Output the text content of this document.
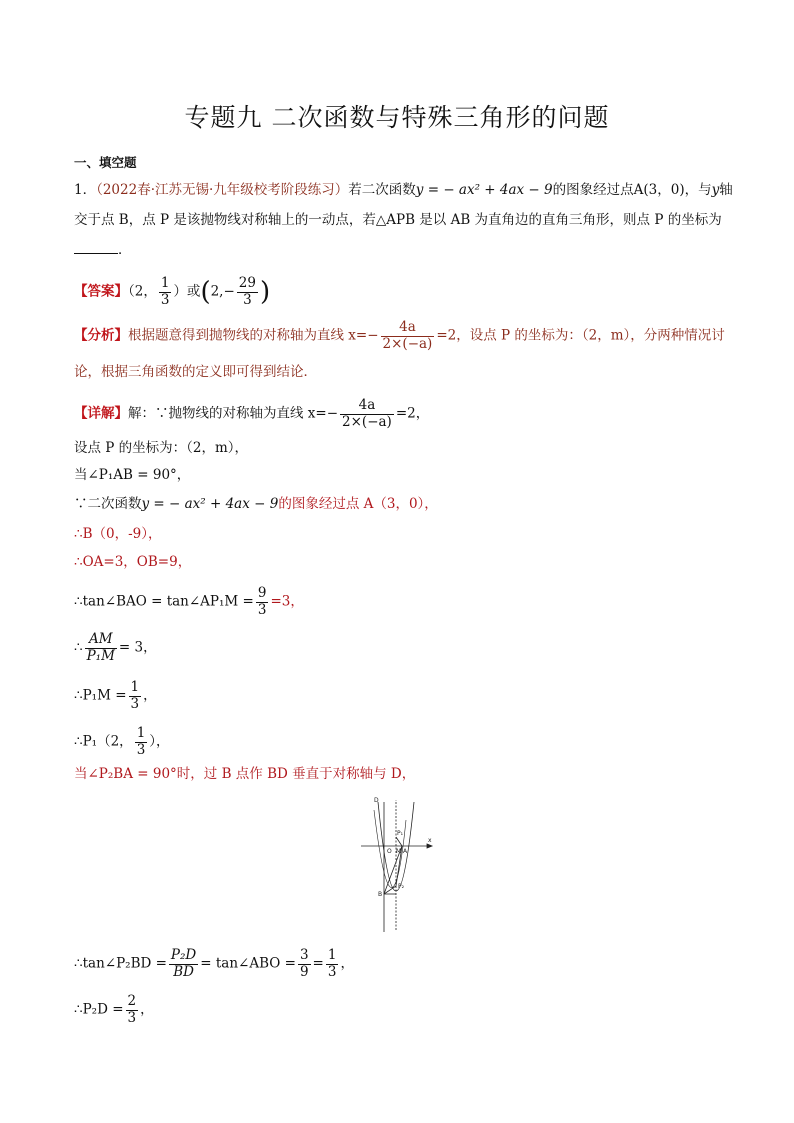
专题九 二次函数与特殊三角形的问题
一、填空题
1．（2022春·江苏无锡·九年级校考阶段练习）若二次函数y = − ax² + 4ax − 9的图象经过点A(3，0)，与y轴
交于点 B，点 P 是该抛物线对称轴上的一动点，若△APB 是以 AB 为直角边的直角三角形，则点 P 的坐标为
．
【答案】（2， $\frac{1}{3}$ ）或($2,- \frac{29}{3}$ )
【分析】根据题意得到抛物线的对称轴为直线 $x=- \frac{4a}{2\times(-a)} =2$，设点 P 的坐标为：（2，m），分两种情况讨
论，根据三角函数的定义即可得到结论．
【详解】解：∵抛物线的对称轴为直线 $x=- \frac{4a}{2\times(-a)} =2$，
设点 P 的坐标为：（2，m），
当∠P₁AB = 90°，
∵二次函数y = − ax² + 4ax − 9的图象经过点 A（3，0），
∴B（0，-9），
∴OA=3，OB=9，
∴tan∠BAO = tan∠AP₁M = $\frac{9}{3} =3$，
∴ $\frac{AM}{\text{P₁M}} = 3$，
∴P₁M = $\frac{1}{3}$ ，
∴P₁（2， $\frac{1}{3}$ ），
当∠P₂BA = 90°时，过 B 点作 BD 垂直于对称轴与 D，
D
P₁
O M A
x
B
P₂
∴tan∠P₂BD = $\frac{\text{P₂D}}{BD}$ = tan∠ABO = $\frac{3}{9} = \frac{1}{3}$ ，
∴P₂D = $\frac{2}{3}$ ，
